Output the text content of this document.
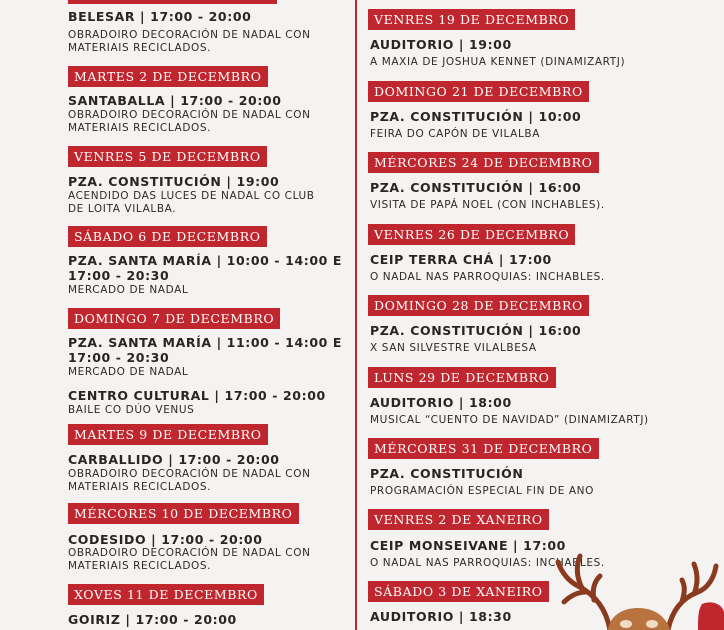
BELESAR | 17:00 - 20:00
OBRADOIRO DECORACIÓN DE NADAL CON
MATERIAIS RECICLADOS.
MARTES 2 DE DECEMBRO
SANTABALLA | 17:00 - 20:00
OBRADOIRO DECORACIÓN DE NADAL CON
MATERIAIS RECICLADOS.
VENRES 5 DE DECEMBRO
PZA. CONSTITUCIÓN | 19:00
ACENDIDO DAS LUCES DE NADAL CO CLUB
DE LOITA VILALBA.
SÁBADO 6 DE DECEMBRO
PZA. SANTA MARÍA | 10:00 - 14:00 E
17:00 - 20:30
MERCADO DE NADAL
DOMINGO 7 DE DECEMBRO
PZA. SANTA MARÍA | 11:00 - 14:00 E
17:00 - 20:30
MERCADO DE NADAL
CENTRO CULTURAL | 17:00 - 20:00
BAILE CO DÚO VENUS
MARTES 9 DE DECEMBRO
CARBALLIDO | 17:00 - 20:00
OBRADOIRO DECORACIÓN DE NADAL CON
MATERIAIS RECICLADOS.
MÉRCORES 10 DE DECEMBRO
CODESIDO | 17:00 - 20:00
OBRADOIRO DECORACIÓN DE NADAL CON
MATERIAIS RECICLADOS.
XOVES 11 DE DECEMBRO
GOIRIZ | 17:00 - 20:00
VENRES 19 DE DECEMBRO
AUDITORIO | 19:00
A MAXIA DE JOSHUA KENNET (DINAMIZARTJ)
DOMINGO 21 DE DECEMBRO
PZA. CONSTITUCIÓN | 10:00
FEIRA DO CAPÓN DE VILALBA
MÉRCORES 24 DE DECEMBRO
PZA. CONSTITUCIÓN | 16:00
VISITA DE PAPÁ NOEL (CON INCHABLES).
VENRES 26 DE DECEMBRO
CEIP TERRA CHÁ | 17:00
O NADAL NAS PARROQUIAS: INCHABLES.
DOMINGO 28 DE DECEMBRO
PZA. CONSTITUCIÓN | 16:00
X SAN SILVESTRE VILALBESA
LUNS 29 DE DECEMBRO
AUDITORIO | 18:00
MUSICAL “CUENTO DE NAVIDAD” (DINAMIZARTJ)
MÉRCORES 31 DE DECEMBRO
PZA. CONSTITUCIÓN
PROGRAMACIÓN ESPECIAL FIN DE ANO
VENRES 2 DE XANEIRO
CEIP MONSEIVANE | 17:00
O NADAL NAS PARROQUIAS: INCHABLES.
SÁBADO 3 DE XANEIRO
AUDITORIO | 18:30
